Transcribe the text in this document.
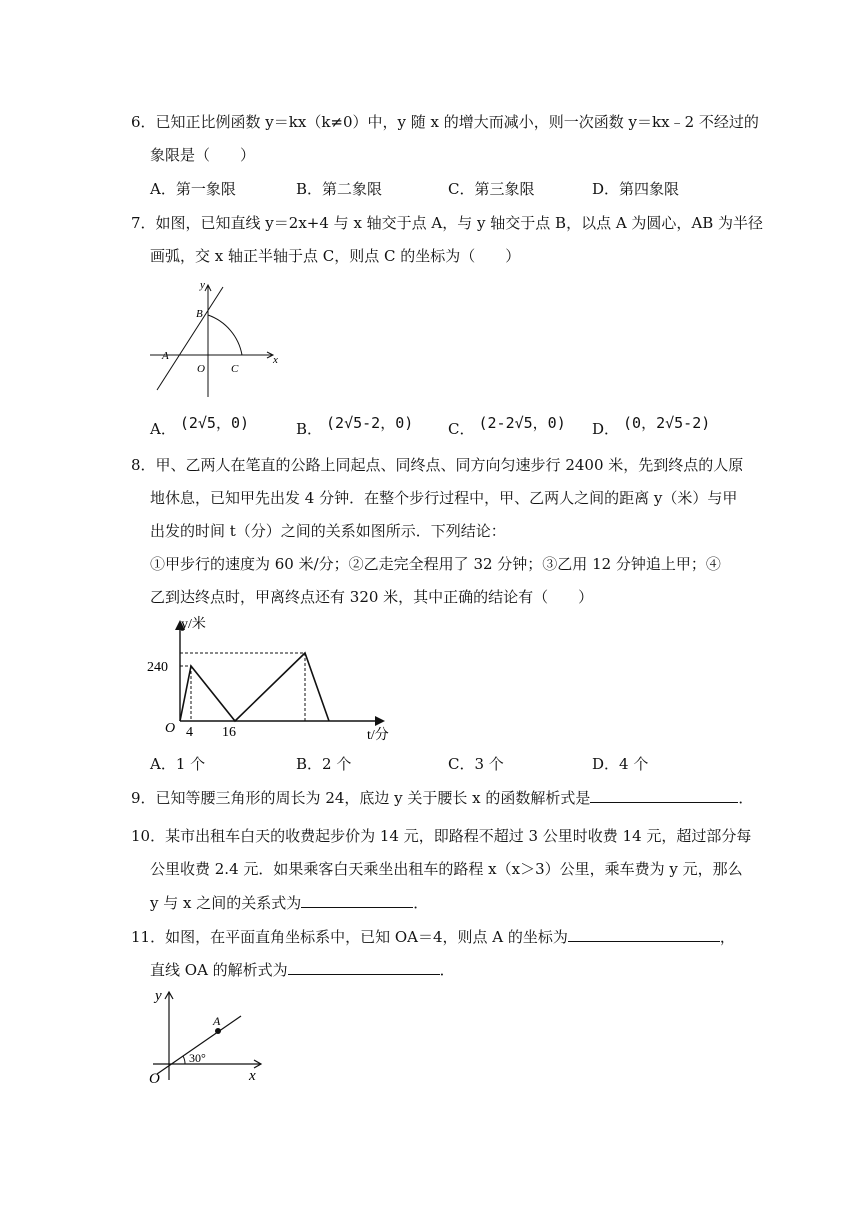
6．已知正比例函数 y＝kx（k≠0）中，y 随 x 的增大而减小，则一次函数 y＝kx﹣2 不经过的
象限是（　　）
A．第一象限	B．第二象限	C．第三象限	D．第四象限
7．如图，已知直线 y＝2x+4 与 x 轴交于点 A，与 y 轴交于点 B，以点 A 为圆心，AB 为半径
画弧，交 x 轴正半轴于点 C，则点 C 的坐标为（　　）
y
x
B
A
O C
A． (2√5，0)	B． (2√5-2，0) C． (2-2√5，0) D． (0，2√5-2)
8．甲、乙两人在笔直的公路上同起点、同终点、同方向匀速步行 2400 米，先到终点的人原
地休息，已知甲先出发 4 分钟．在整个步行过程中，甲、乙两人之间的距离 y（米）与甲
出发的时间 t（分）之间的关系如图所示．下列结论：
①甲步行的速度为 60 米/分；②乙走完全程用了 32 分钟；③乙用 12 分钟追上甲；④
乙到达终点时，甲离终点还有 320 米，其中正确的结论有（　　）
y/米
240
O 4 16	t/分
A．1 个	B．2 个	C．3 个	D．4 个
9．已知等腰三角形的周长为 24，底边 y 关于腰长 x 的函数解析式是	．
10．某市出租车白天的收费起步价为 14 元，即路程不超过 3 公里时收费 14 元，超过部分每
公里收费 2.4 元．如果乘客白天乘坐出租车的路程 x（x＞3）公里，乘车费为 y 元，那么
y 与 x 之间的关系式为	．
11．如图，在平面直角坐标系中，已知 OA＝4，则点 A 的坐标为	，
直线 OA 的解析式为	．
y
x
A
O
30°
